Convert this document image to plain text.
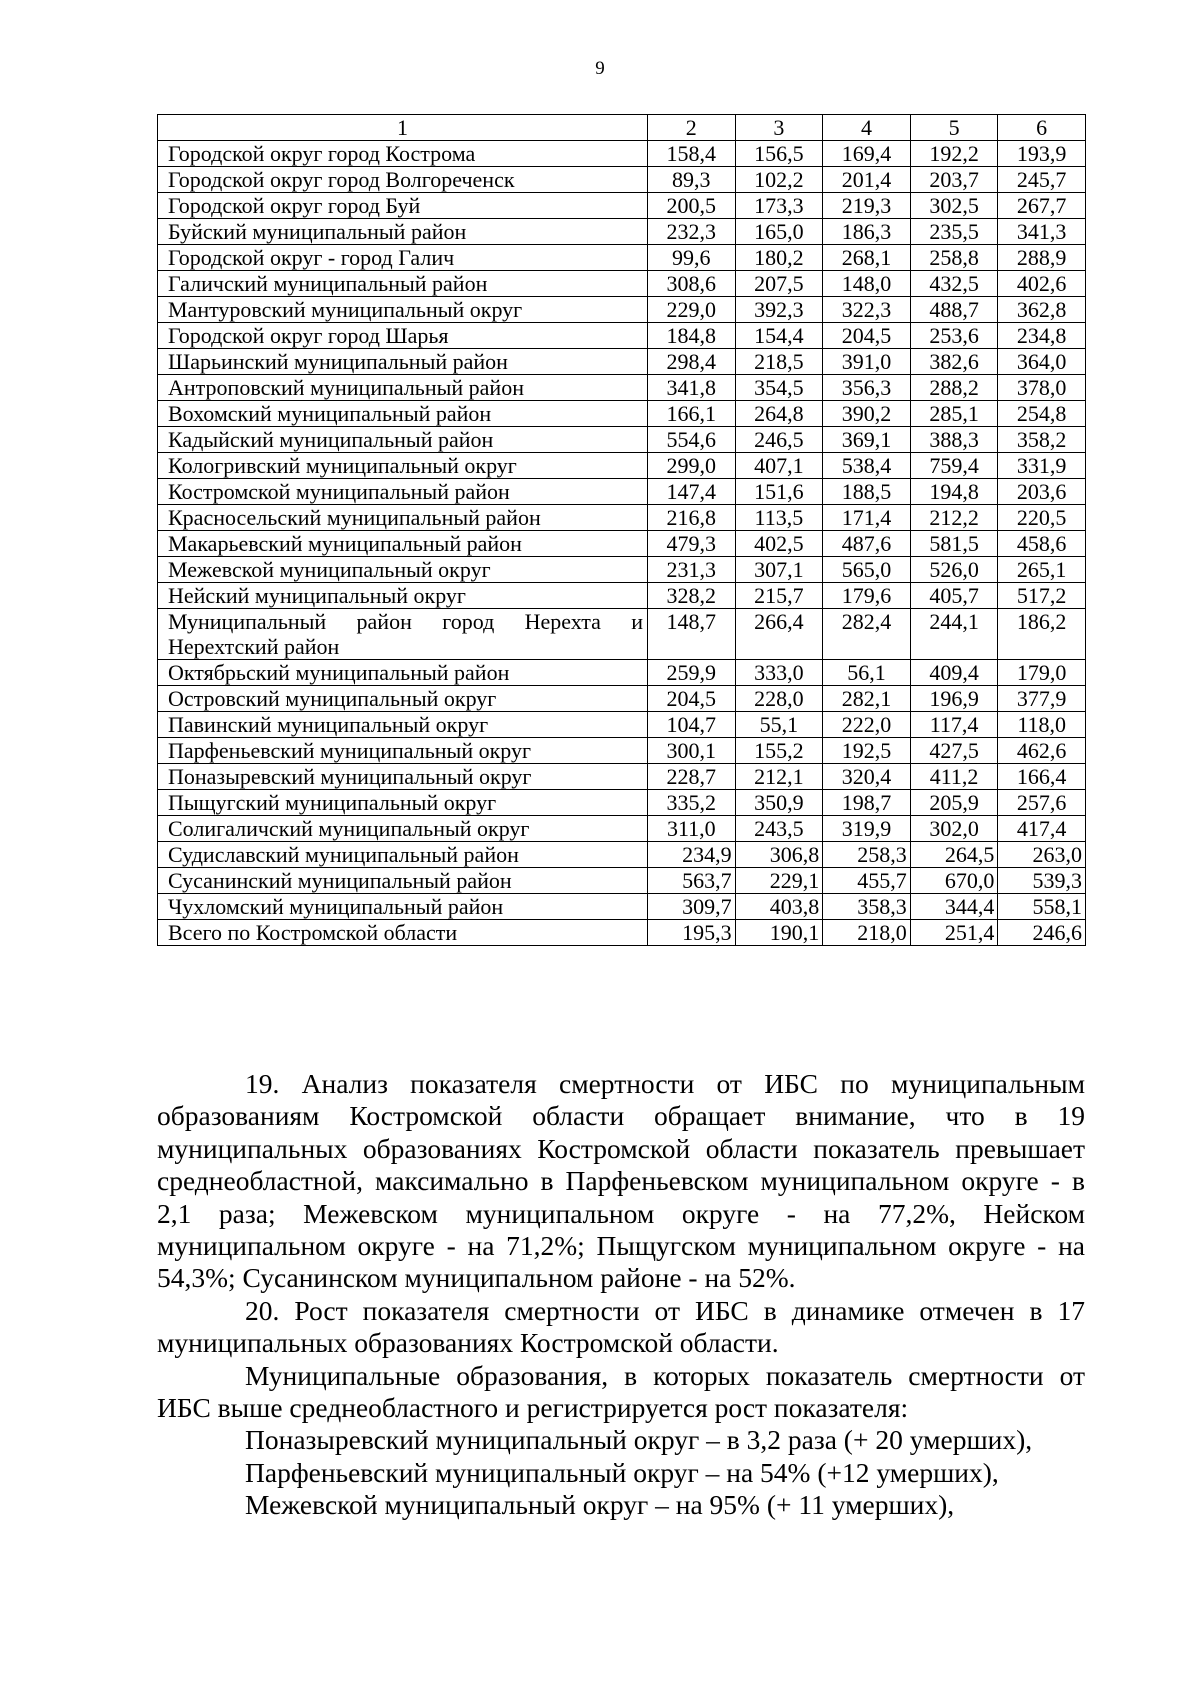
9
1	2	3	4	5	6
Городской округ город Кострома	158,4	156,5	169,4	192,2	193,9
Городской округ город Волгореченск	89,3	102,2	201,4	203,7	245,7
Городской округ город Буй	200,5	173,3	219,3	302,5	267,7
Буйский муниципальный район	232,3	165,0	186,3	235,5	341,3
Городской округ - город Галич	99,6	180,2	268,1	258,8	288,9
Галичский муниципальный район	308,6	207,5	148,0	432,5	402,6
Мантуровский муниципальный округ	229,0	392,3	322,3	488,7	362,8
Городской округ город Шарья	184,8	154,4	204,5	253,6	234,8
Шарьинский муниципальный район	298,4	218,5	391,0	382,6	364,0
Антроповский муниципальный район	341,8	354,5	356,3	288,2	378,0
Вохомский муниципальный район	166,1	264,8	390,2	285,1	254,8
Кадыйский муниципальный район	554,6	246,5	369,1	388,3	358,2
Кологривский муниципальный округ	299,0	407,1	538,4	759,4	331,9
Костромской муниципальный район	147,4	151,6	188,5	194,8	203,6
Красносельский муниципальный район	216,8	113,5	171,4	212,2	220,5
Макарьевский муниципальный район	479,3	402,5	487,6	581,5	458,6
Межевской муниципальный округ	231,3	307,1	565,0	526,0	265,1
Нейский муниципальный округ	328,2	215,7	179,6	405,7	517,2
Муниципальный район город Нерехта и Нерехтский район	148,7	266,4	282,4	244,1	186,2
Октябрьский муниципальный район	259,9	333,0	56,1	409,4	179,0
Островский муниципальный округ	204,5	228,0	282,1	196,9	377,9
Павинский муниципальный округ	104,7	55,1	222,0	117,4	118,0
Парфеньевский муниципальный округ	300,1	155,2	192,5	427,5	462,6
Поназыревский муниципальный округ	228,7	212,1	320,4	411,2	166,4
Пыщугский муниципальный округ	335,2	350,9	198,7	205,9	257,6
Солигаличский муниципальный округ	311,0	243,5	319,9	302,0	417,4
Судиславский муниципальный район	234,9	306,8	258,3	264,5	263,0
Сусанинский муниципальный район	563,7	229,1	455,7	670,0	539,3
Чухломский муниципальный район	309,7	403,8	358,3	344,4	558,1
Всего по Костромской области	195,3	190,1	218,0	251,4	246,6

19. Анализ показателя смертности от ИБС по муниципальным образованиям Костромской области обращает внимание, что в 19 муниципальных образованиях Костромской области показатель превышает среднеобластной, максимально в Парфеньевском муниципальном округе - в 2,1 раза; Межевском муниципальном округе - на 77,2%, Нейском муниципальном округе - на 71,2%; Пыщугском муниципальном округе - на 54,3%; Сусанинском муниципальном районе - на 52%.

20. Рост показателя смертности от ИБС в динамике отмечен в 17 муниципальных образованиях Костромской области.

Муниципальные образования, в которых показатель смертности от ИБС выше среднеобластного и регистрируется рост показателя:

Поназыревский муниципальный округ – в 3,2 раза (+ 20 умерших),

Парфеньевский муниципальный округ – на 54% (+12 умерших),

Межевской муниципальный округ – на 95% (+ 11 умерших),
